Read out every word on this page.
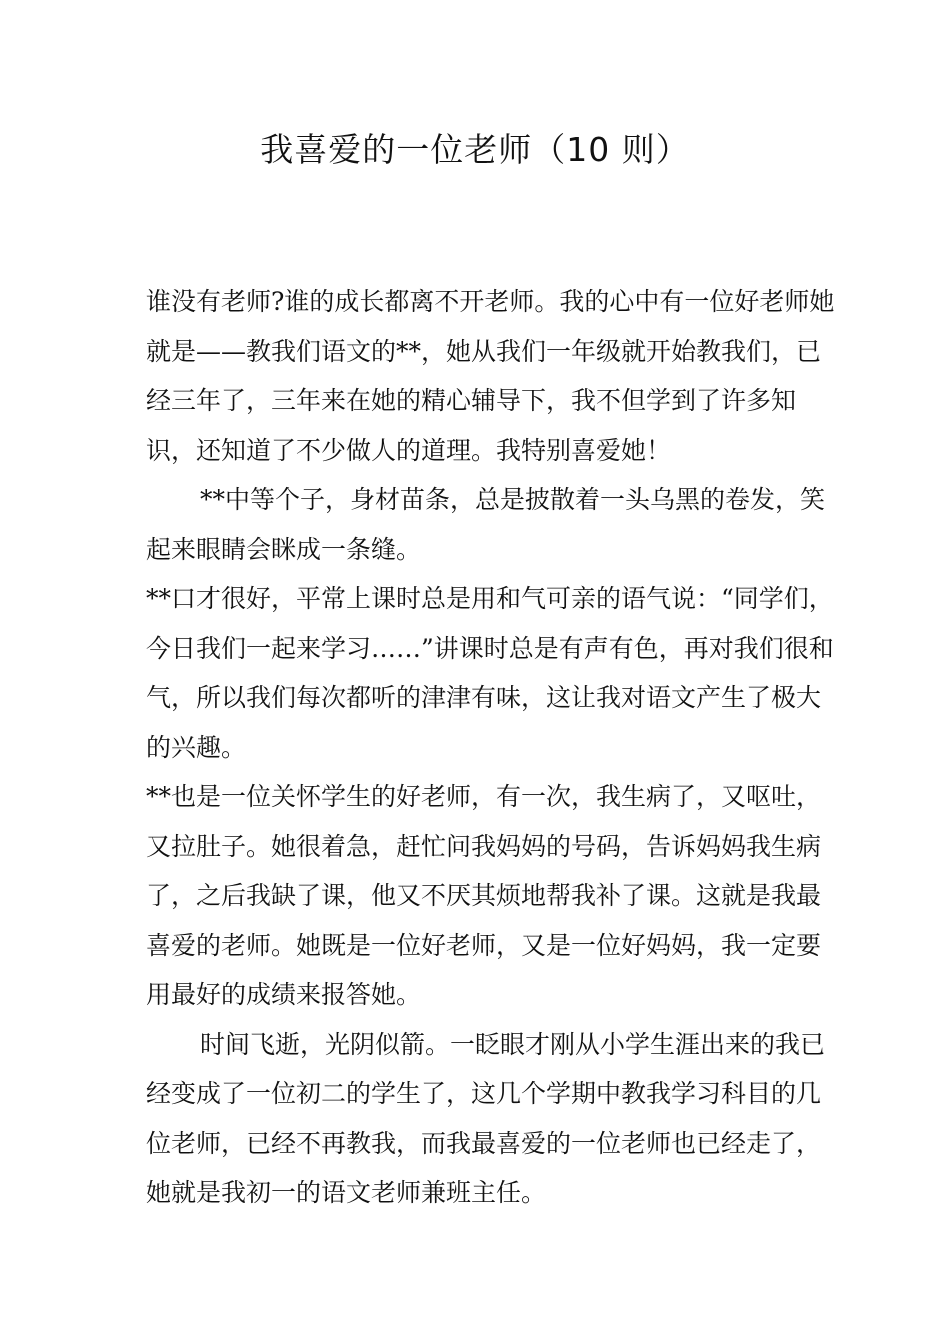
我喜爱的一位老师（10 则）

谁没有老师?谁的成长都离不开老师。我的心中有一位好老师她就是——教我们语文的**，她从我们一年级就开始教我们，已经三年了，三年来在她的精心辅导下，我不但学到了许多知识，还知道了不少做人的道理。我特别喜爱她！

**中等个子，身材苗条，总是披散着一头乌黑的卷发，笑起来眼睛会眯成一条缝。

**口才很好，平常上课时总是用和气可亲的语气说：“同学们，今日我们一起来学习……”讲课时总是有声有色，再对我们很和气，所以我们每次都听的津津有味，这让我对语文产生了极大的兴趣。

**也是一位关怀学生的好老师，有一次，我生病了，又呕吐，又拉肚子。她很着急，赶忙问我妈妈的号码，告诉妈妈我生病了，之后我缺了课，他又不厌其烦地帮我补了课。这就是我最喜爱的老师。她既是一位好老师，又是一位好妈妈，我一定要用最好的成绩来报答她。

时间飞逝，光阴似箭。一眨眼才刚从小学生涯出来的我已经变成了一位初二的学生了，这几个学期中教我学习科目的几位老师，已经不再教我，而我最喜爱的一位老师也已经走了，她就是我初一的语文老师兼班主任。
